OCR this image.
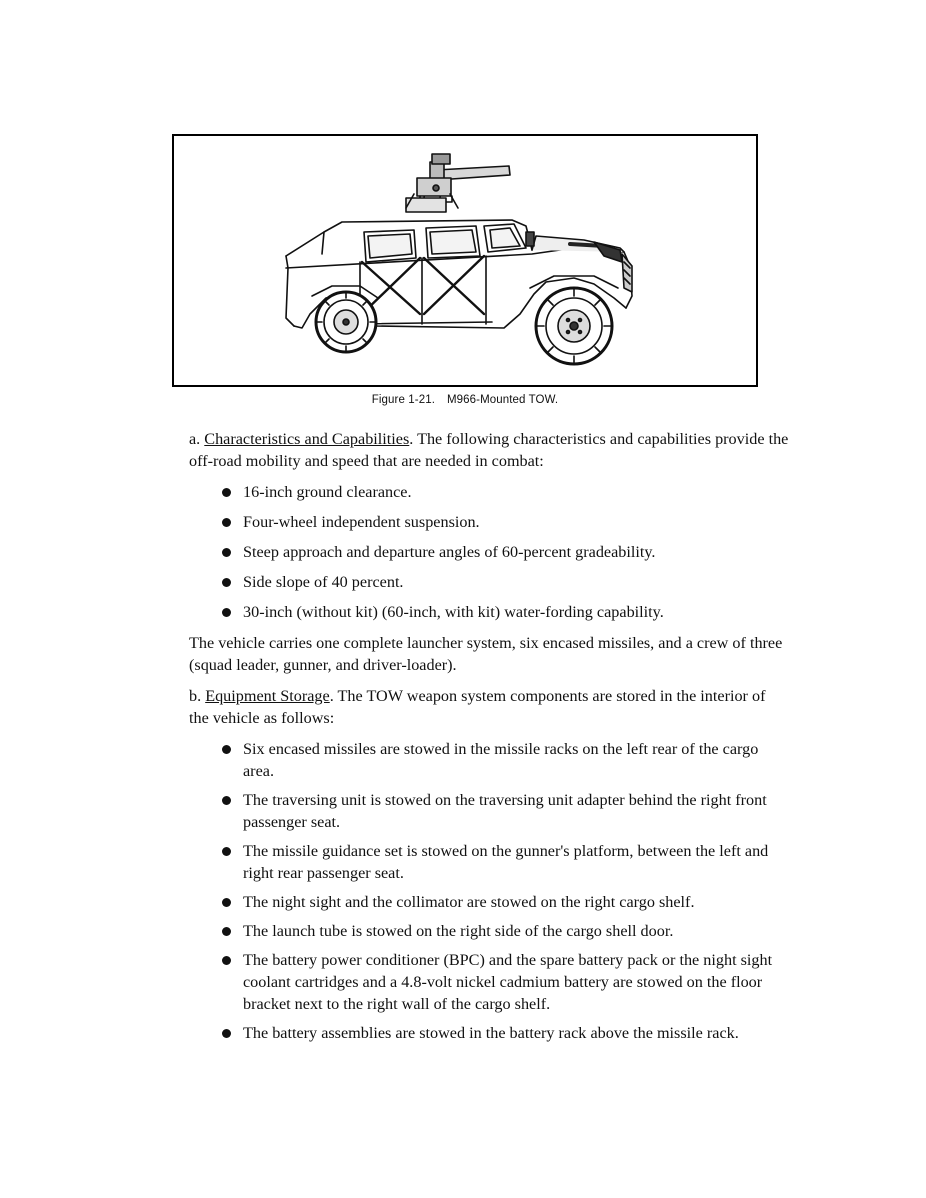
Figure 1-21. M966-Mounted TOW.

a. Characteristics and Capabilities. The following characteristics and capabilities provide the off-road mobility and speed that are needed in combat:

16-inch ground clearance.
Four-wheel independent suspension.
Steep approach and departure angles of 60-percent gradeability.
Side slope of 40 percent.
30-inch (without kit) (60-inch, with kit) water-fording capability.

The vehicle carries one complete launcher system, six encased missiles, and a crew of three (squad leader, gunner, and driver-loader).

b. Equipment Storage. The TOW weapon system components are stored in the interior of the vehicle as follows:

Six encased missiles are stowed in the missile racks on the left rear of the cargo area.
The traversing unit is stowed on the traversing unit adapter behind the right front passenger seat.
The missile guidance set is stowed on the gunner's platform, between the left and right rear passenger seat.
The night sight and the collimator are stowed on the right cargo shelf.
The launch tube is stowed on the right side of the cargo shell door.
The battery power conditioner (BPC) and the spare battery pack or the night sight coolant cartridges and a 4.8-volt nickel cadmium battery are stowed on the floor bracket next to the right wall of the cargo shelf.
The battery assemblies are stowed in the battery rack above the missile rack.
